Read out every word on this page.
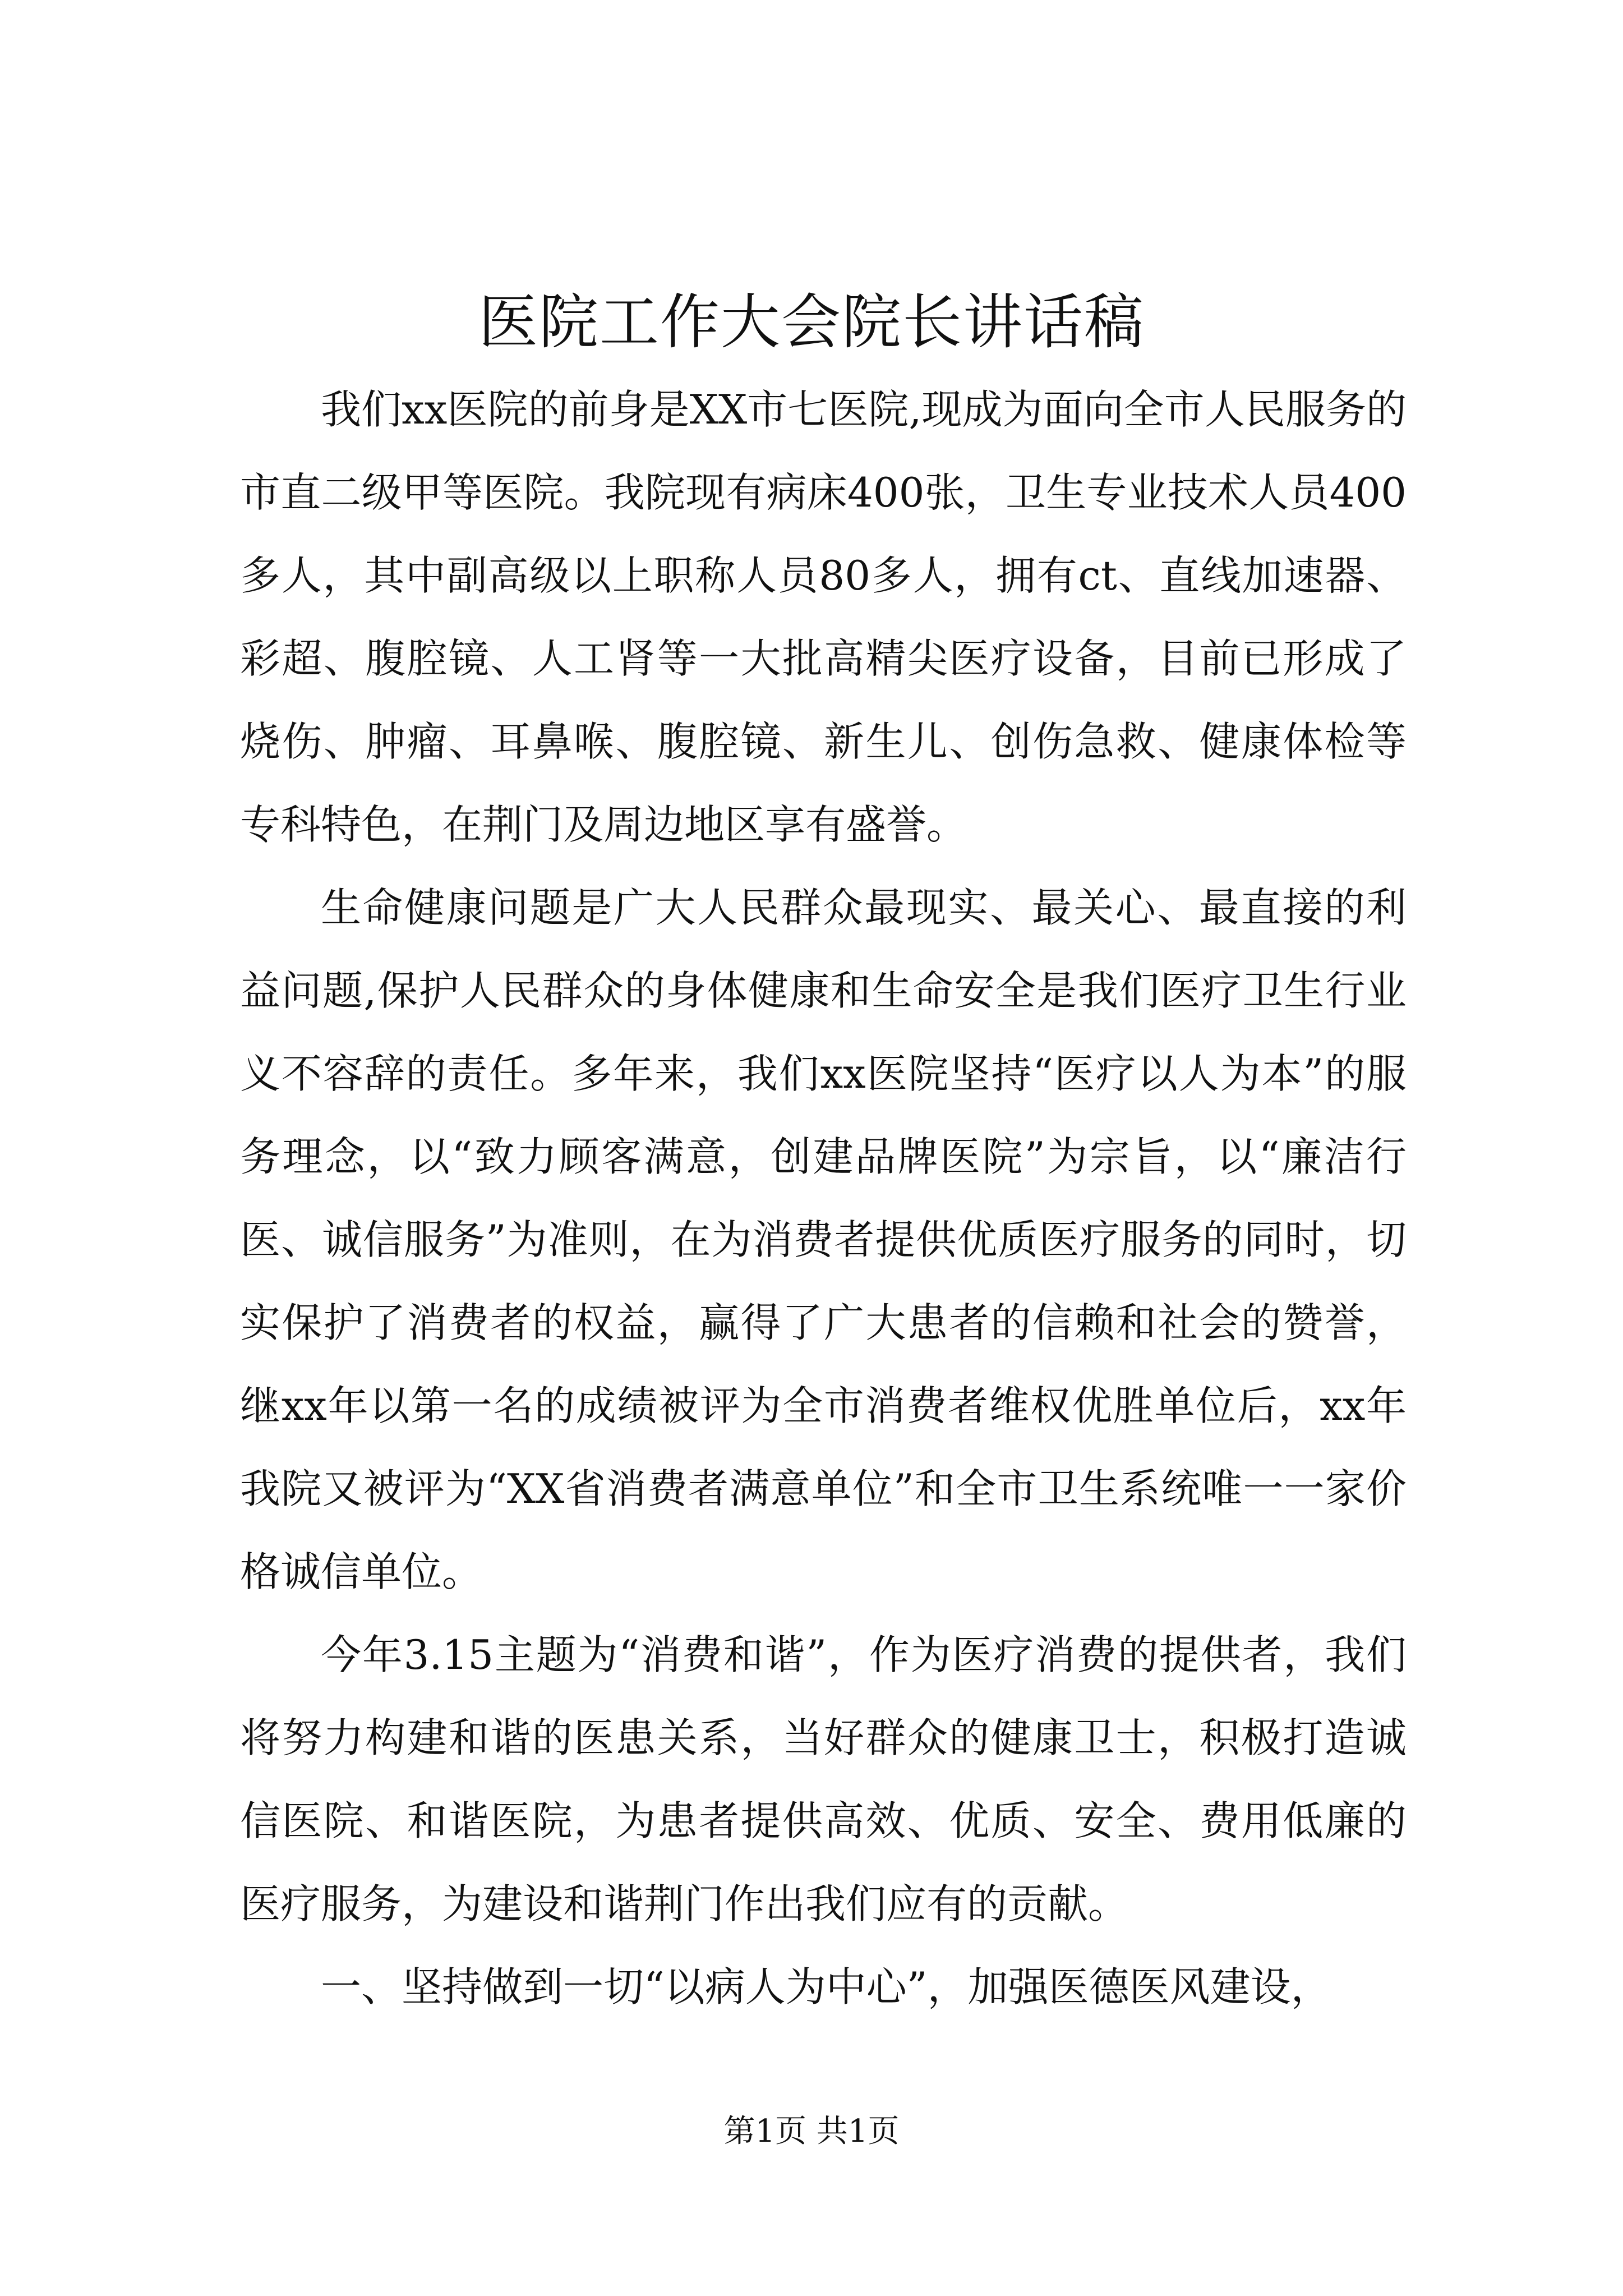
医院工作大会院长讲话稿

我们xx医院的前身是XX市七医院,现成为面向全市人民服务的市直二级甲等医院。我院现有病床400张，卫生专业技术人员400多人，其中副高级以上职称人员80多人，拥有ct、直线加速器、彩超、腹腔镜、人工肾等一大批高精尖医疗设备，目前已形成了烧伤、肿瘤、耳鼻喉、腹腔镜、新生儿、创伤急救、健康体检等专科特色，在荆门及周边地区享有盛誉。

生命健康问题是广大人民群众最现实、最关心、最直接的利益问题,保护人民群众的身体健康和生命安全是我们医疗卫生行业义不容辞的责任。多年来，我们xx医院坚持“医疗以人为本”的服务理念，以“致力顾客满意，创建品牌医院”为宗旨，以“廉洁行医、诚信服务”为准则，在为消费者提供优质医疗服务的同时，切实保护了消费者的权益，赢得了广大患者的信赖和社会的赞誉，继xx年以第一名的成绩被评为全市消费者维权优胜单位后，xx年我院又被评为“XX省消费者满意单位”和全市卫生系统唯一一家价格诚信单位。

今年3.15主题为“消费和谐”，作为医疗消费的提供者，我们将努力构建和谐的医患关系，当好群众的健康卫士，积极打造诚信医院、和谐医院，为患者提供高效、优质、安全、费用低廉的医疗服务，为建设和谐荆门作出我们应有的贡献。

一、坚持做到一切“以病人为中心”，加强医德医风建设，

第1页 共1页
